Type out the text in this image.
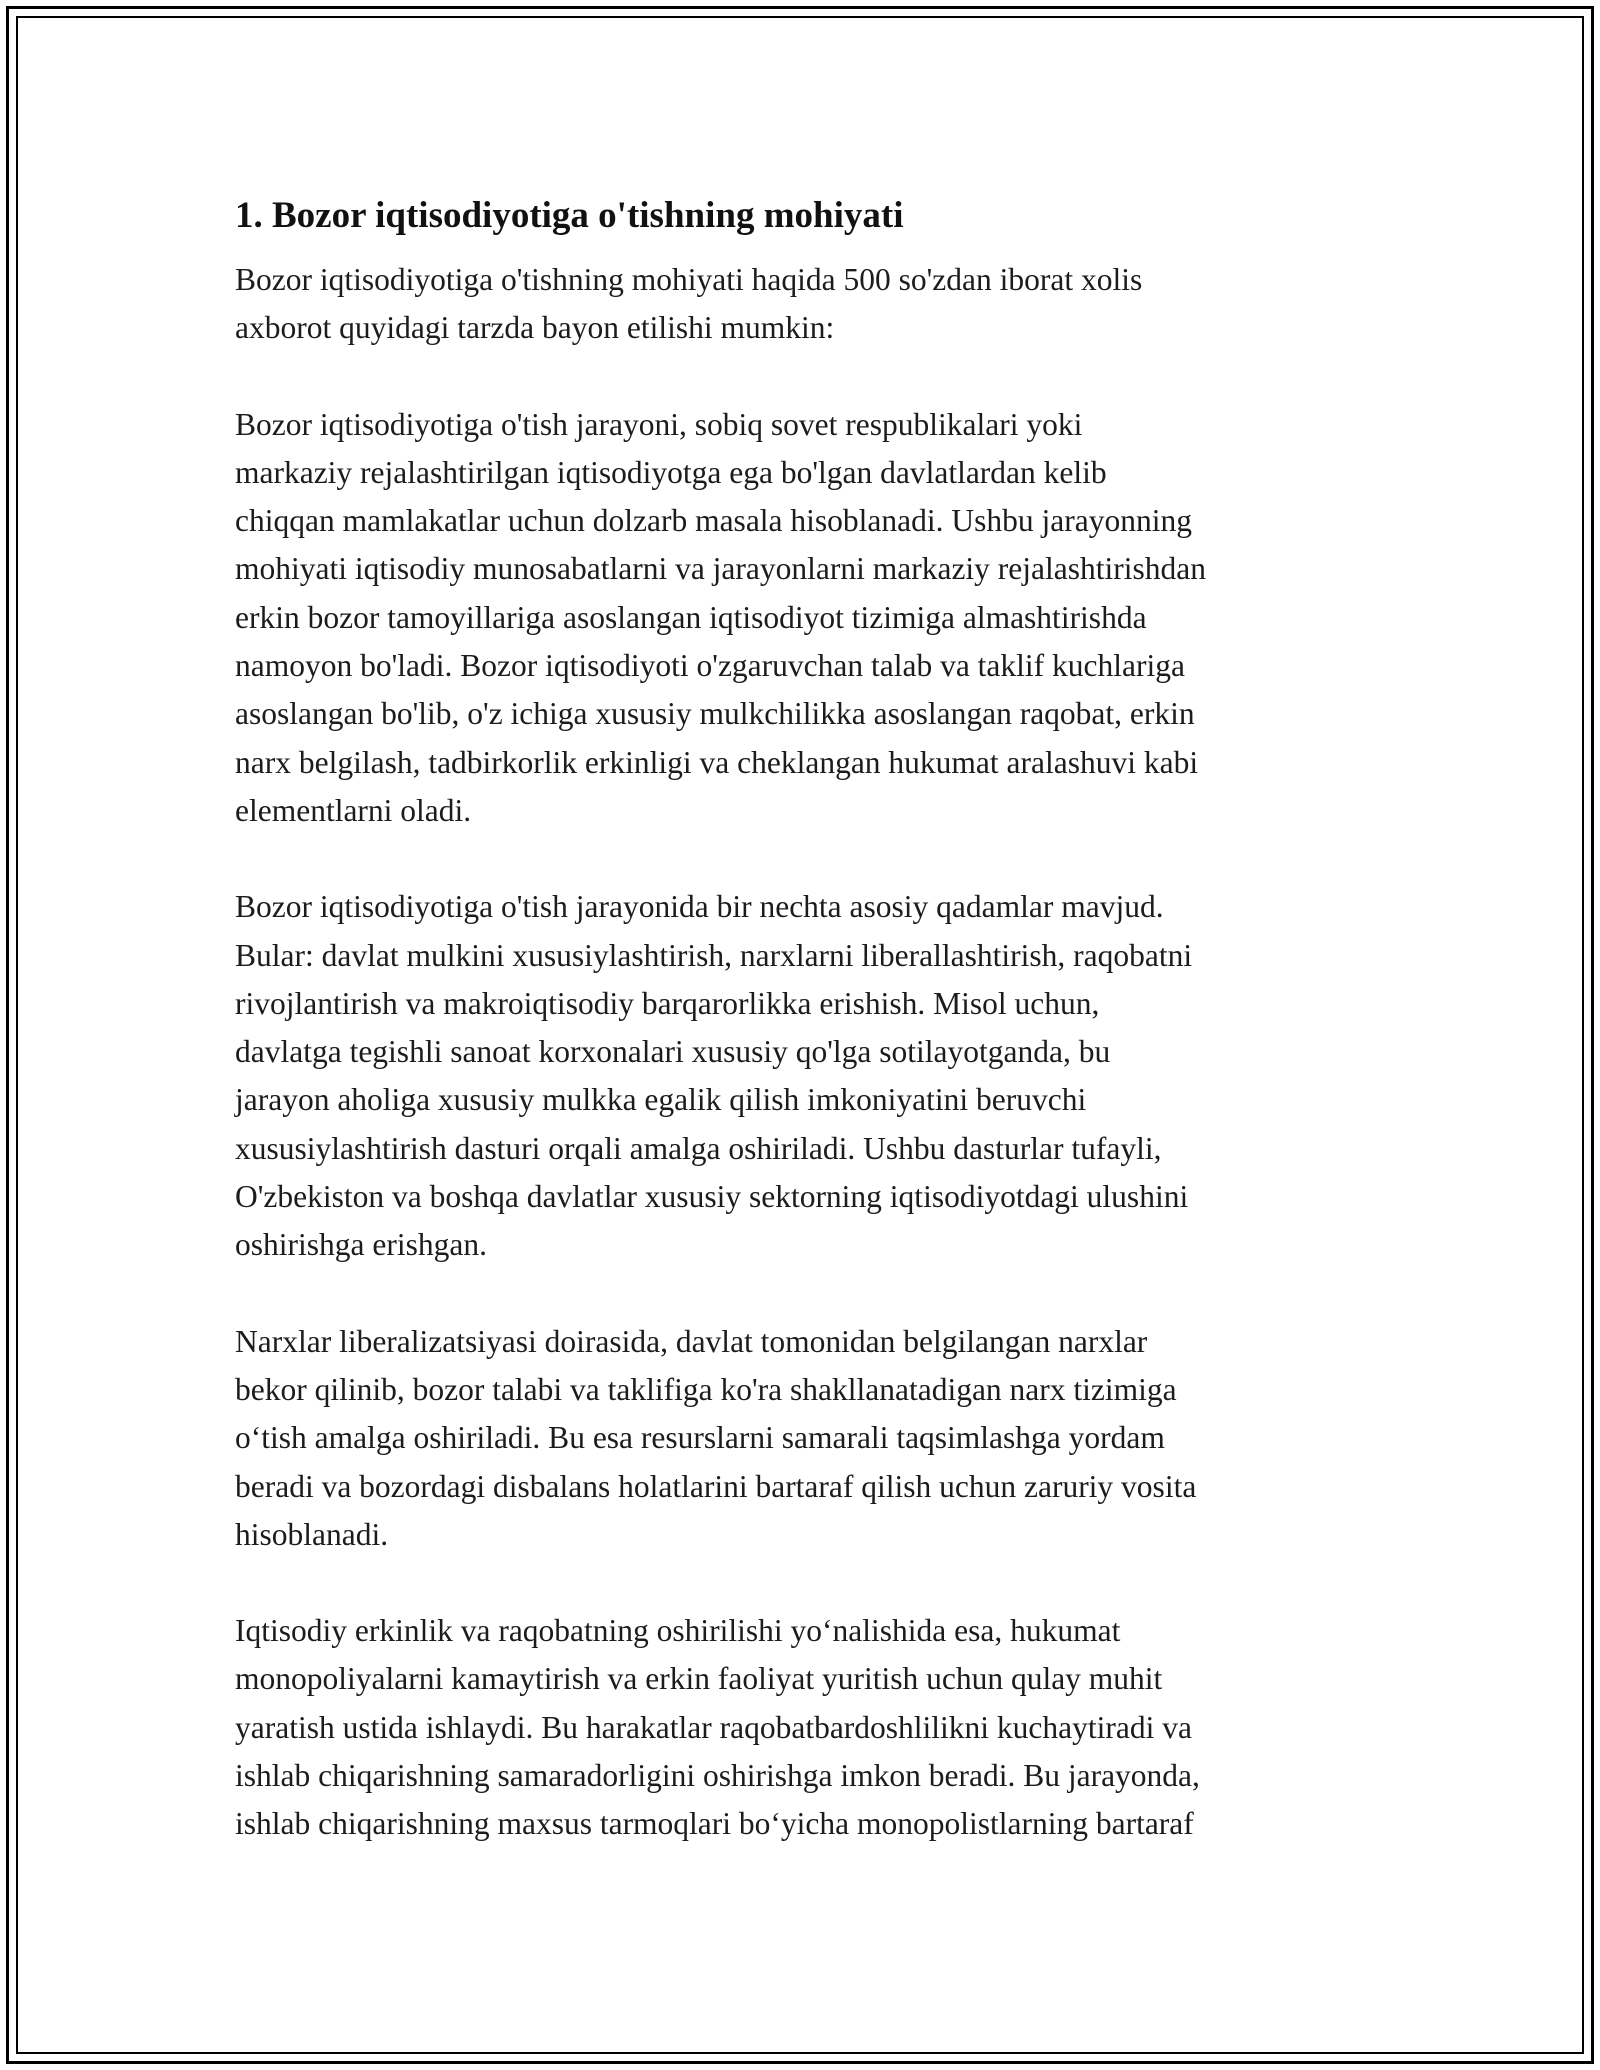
1. Bozor iqtisodiyotiga o'tishning mohiyati

Bozor iqtisodiyotiga o'tishning mohiyati haqida 500 so'zdan iborat xolis
axborot quyidagi tarzda bayon etilishi mumkin:

Bozor iqtisodiyotiga o'tish jarayoni, sobiq sovet respublikalari yoki
markaziy rejalashtirilgan iqtisodiyotga ega bo'lgan davlatlardan kelib
chiqqan mamlakatlar uchun dolzarb masala hisoblanadi. Ushbu jarayonning
mohiyati iqtisodiy munosabatlarni va jarayonlarni markaziy rejalashtirishdan
erkin bozor tamoyillariga asoslangan iqtisodiyot tizimiga almashtirishda
namoyon bo'ladi. Bozor iqtisodiyoti o'zgaruvchan talab va taklif kuchlariga
asoslangan bo'lib, o'z ichiga xususiy mulkchilikka asoslangan raqobat, erkin
narx belgilash, tadbirkorlik erkinligi va cheklangan hukumat aralashuvi kabi
elementlarni oladi.

Bozor iqtisodiyotiga o'tish jarayonida bir nechta asosiy qadamlar mavjud.
Bular: davlat mulkini xususiylashtirish, narxlarni liberallashtirish, raqobatni
rivojlantirish va makroiqtisodiy barqarorlikka erishish. Misol uchun,
davlatga tegishli sanoat korxonalari xususiy qo'lga sotilayotganda, bu
jarayon aholiga xususiy mulkka egalik qilish imkoniyatini beruvchi
xususiylashtirish dasturi orqali amalga oshiriladi. Ushbu dasturlar tufayli,
O'zbekiston va boshqa davlatlar xususiy sektorning iqtisodiyotdagi ulushini
oshirishga erishgan.

Narxlar liberalizatsiyasi doirasida, davlat tomonidan belgilangan narxlar
bekor qilinib, bozor talabi va taklifiga ko'ra shakllanatadigan narx tizimiga
o‘tish amalga oshiriladi. Bu esa resurslarni samarali taqsimlashga yordam
beradi va bozordagi disbalans holatlarini bartaraf qilish uchun zaruriy vosita
hisoblanadi.

Iqtisodiy erkinlik va raqobatning oshirilishi yo‘nalishida esa, hukumat
monopoliyalarni kamaytirish va erkin faoliyat yuritish uchun qulay muhit
yaratish ustida ishlaydi. Bu harakatlar raqobatbardoshlilikni kuchaytiradi va
ishlab chiqarishning samaradorligini oshirishga imkon beradi. Bu jarayonda,
ishlab chiqarishning maxsus tarmoqlari bo‘yicha monopolistlarning bartaraf
